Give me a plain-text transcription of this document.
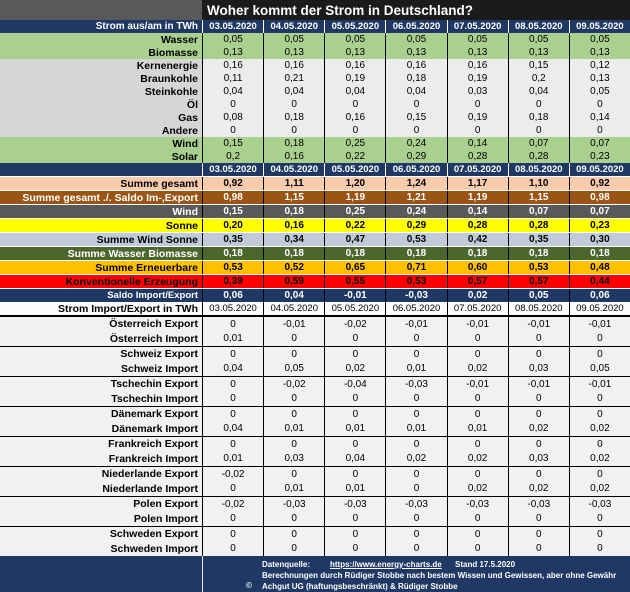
Woher kommt der Strom in Deutschland?
Strom aus/am in TWh	03.05.2020	04.05.2020	05.05.2020	06.05.2020	07.05.2020	08.05.2020	09.05.2020
Wasser	0,05	0,05	0,05	0,05	0,05	0,05	0,05
Biomasse	0,13	0,13	0,13	0,13	0,13	0,13	0,13
Kernenergie	0,16	0,16	0,16	0,16	0,16	0,15	0,12
Braunkohle	0,11	0,21	0,19	0,18	0,19	0,2	0,13
Steinkohle	0,04	0,04	0,04	0,04	0,03	0,04	0,05
Öl	0	0	0	0	0	0	0
Gas	0,08	0,18	0,16	0,15	0,19	0,18	0,14
Andere	0	0	0	0	0	0	0
Wind	0,15	0,18	0,25	0,24	0,14	0,07	0,07
Solar	0,2	0,16	0,22	0,29	0,28	0,28	0,23
03.05.2020	04.05.2020	05.05.2020	06.05.2020	07.05.2020	08.05.2020	09.05.2020
Summe gesamt	0,92	1,11	1,20	1,24	1,17	1,10	0,92
Summe gesamt ./. Saldo Im-,Export	0,98	1,15	1,19	1,21	1,19	1,15	0,98
Wind	0,15	0,18	0,25	0,24	0,14	0,07	0,07
Sonne	0,20	0,16	0,22	0,29	0,28	0,28	0,23
Summe Wind Sonne	0,35	0,34	0,47	0,53	0,42	0,35	0,30
Summe Wasser Biomasse	0,18	0,18	0,18	0,18	0,18	0,18	0,18
Summe Erneuerbare	0,53	0,52	0,65	0,71	0,60	0,53	0,48
Konventionelle Erzeugung	0,39	0,59	0,55	0,53	0,57	0,57	0,44
Saldo Import/Export	0,06	0,04	-0,01	-0,03	0,02	0,05	0,06
Strom Import/Export in TWh	03.05.2020	04.05.2020	05.05.2020	06.05.2020	07.05.2020	08.05.2020	09.05.2020
Österreich Export	0	-0,01	-0,02	-0,01	-0,01	-0,01	-0,01
Österreich Import	0,01	0	0	0	0	0	0
Schweiz Export	0	0	0	0	0	0	0
Schweiz Import	0,04	0,05	0,02	0,01	0,02	0,03	0,05
Tschechin Export	0	-0,02	-0,04	-0,03	-0,01	-0,01	-0,01
Tschechin Import	0	0	0	0	0	0	0
Dänemark Export	0	0	0	0	0	0	0
Dänemark Import	0,04	0,01	0,01	0,01	0,01	0,02	0,02
Frankreich Export	0	0	0	0	0	0	0
Frankreich Import	0,01	0,03	0,04	0,02	0,02	0,03	0,02
Niederlande Export	-0,02	0	0	0	0	0	0
Niederlande Import	0	0,01	0,01	0	0,02	0,02	0,02
Polen Export	-0,02	-0,03	-0,03	-0,03	-0,03	-0,03	-0,03
Polen Import	0	0	0	0	0	0	0
Schweden Export	0	0	0	0	0	0	0
Schweden Import	0	0	0	0	0	0	0
Datenquelle:	https://www.energy-charts.de	Stand 17.5.2020
Berechnungen durch Rüdiger Stobbe nach bestem Wissen und Gewissen, aber ohne Gewähr
Achgut UG (haftungsbeschränkt) & Rüdiger Stobbe
©
